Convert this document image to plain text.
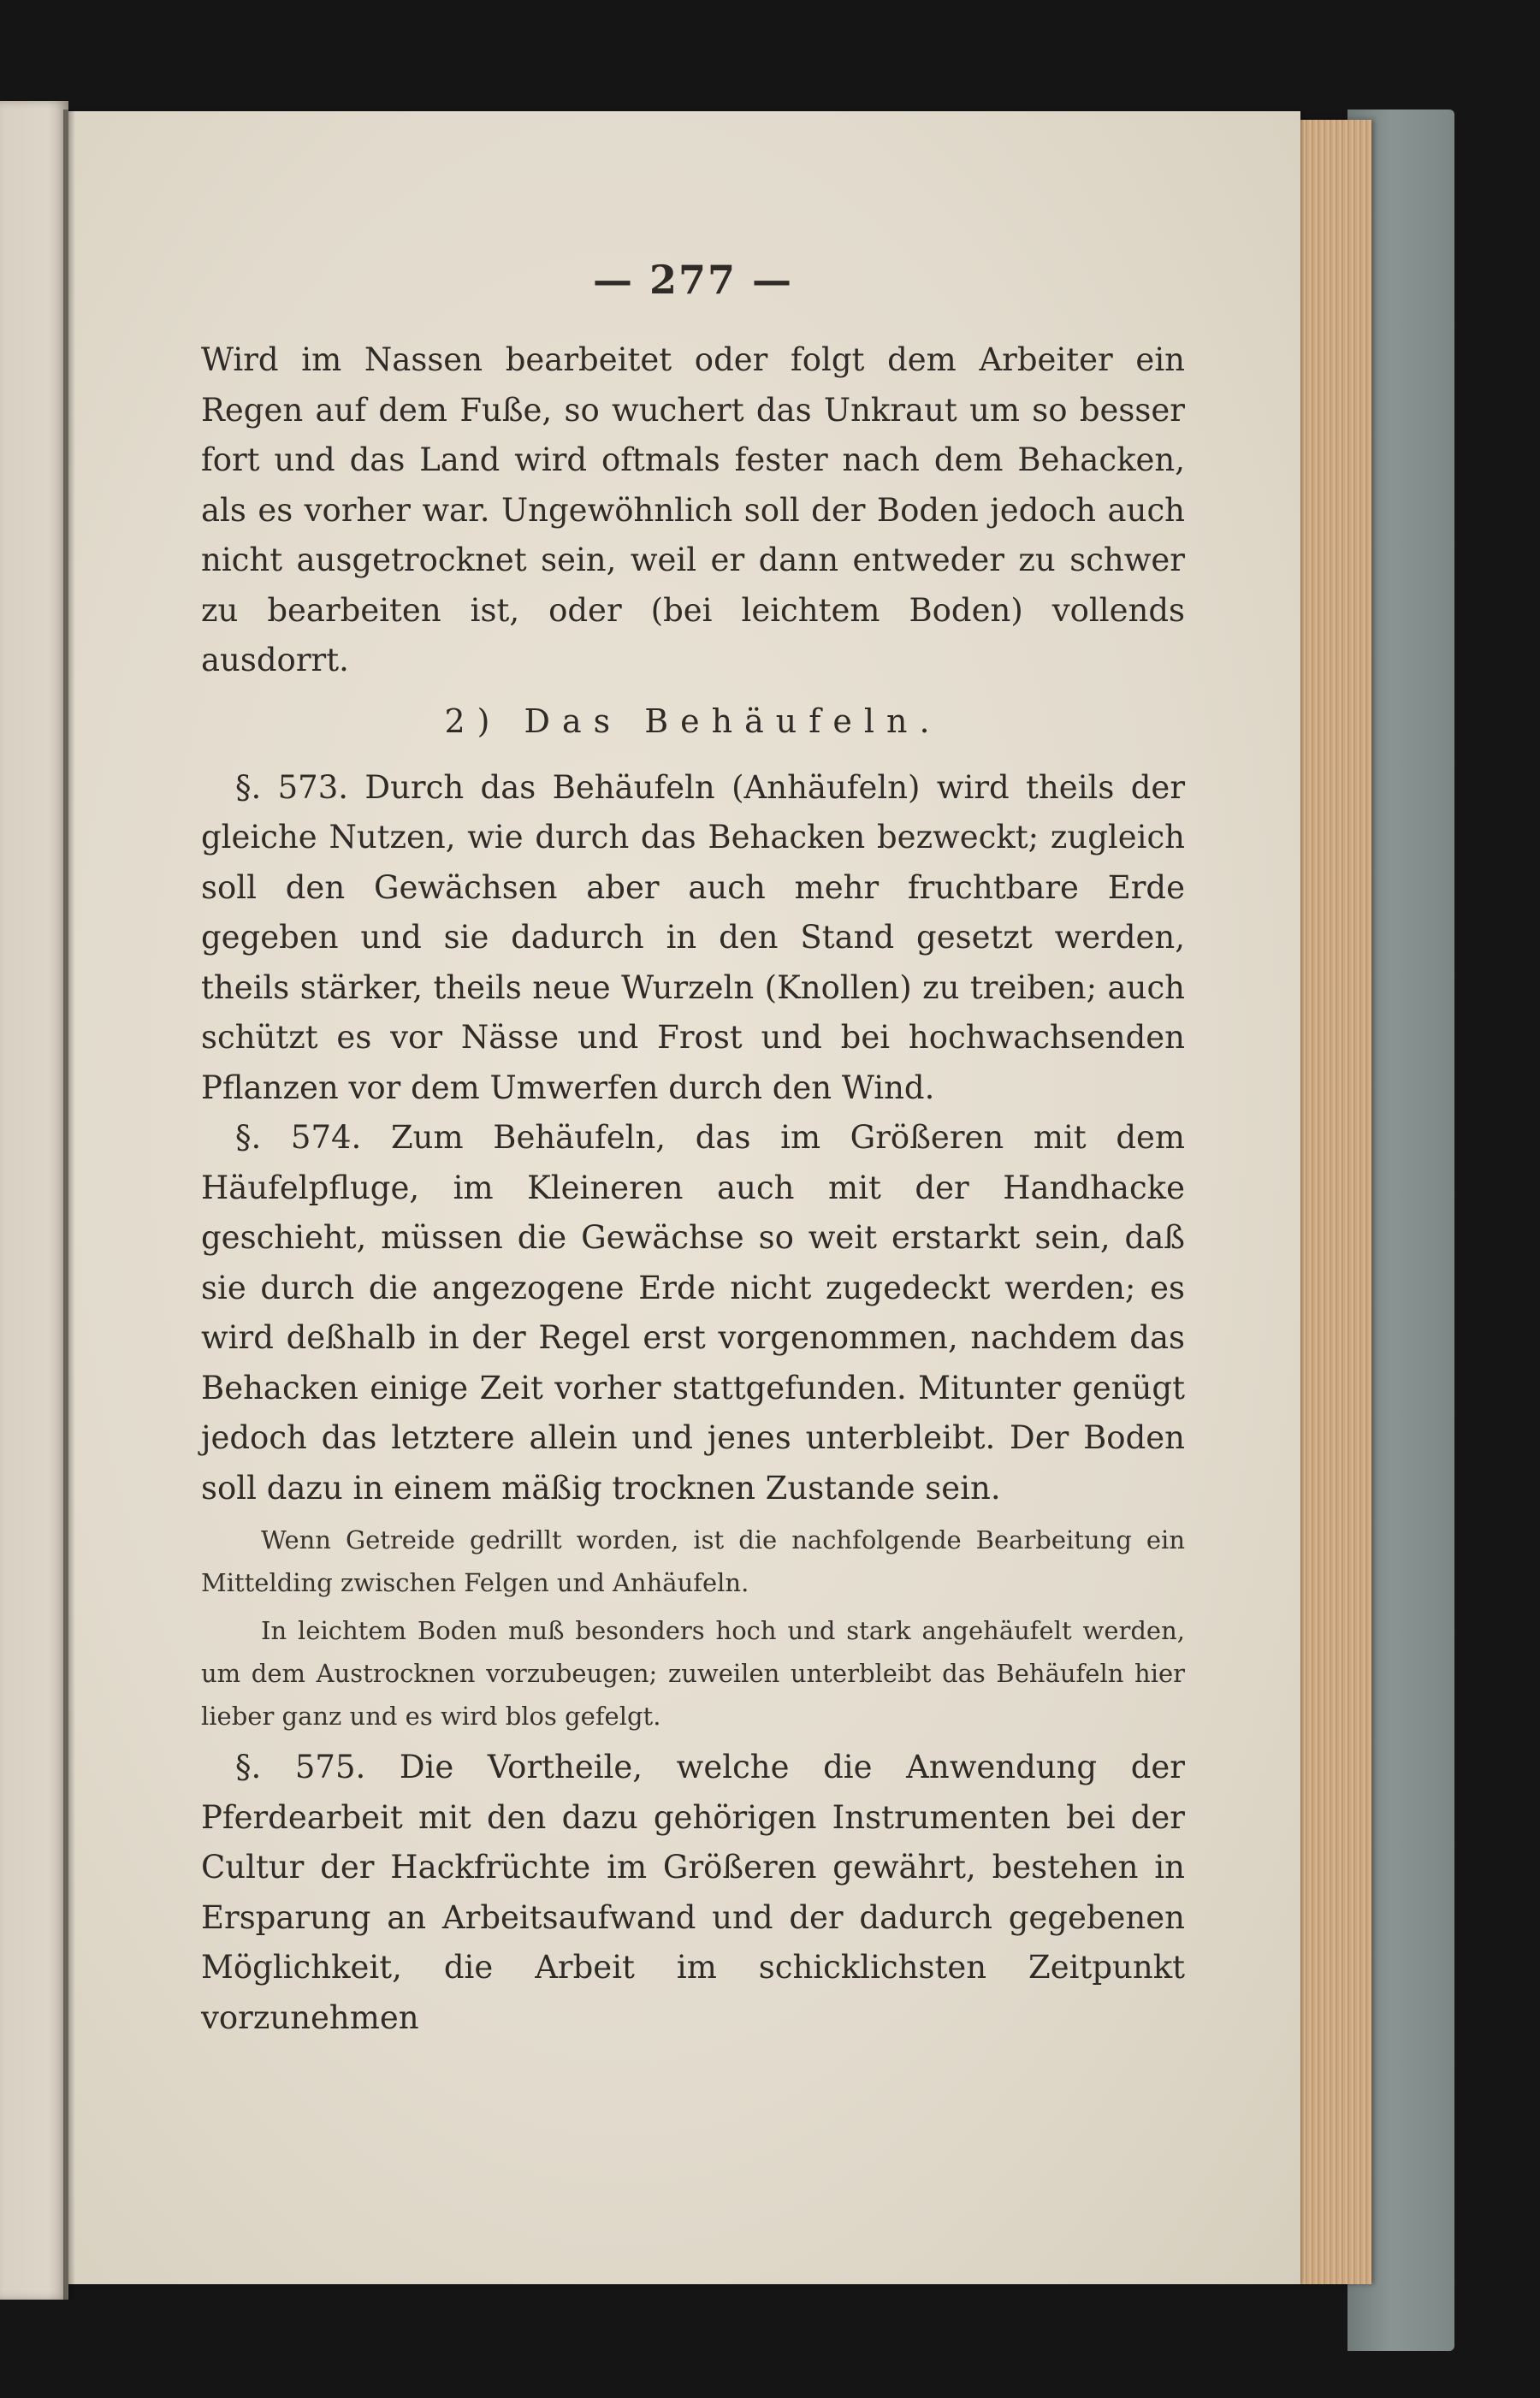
— 277 —

Wird im Nassen bearbeitet oder folgt dem Arbeiter ein Regen auf dem Fuße, so wuchert das Unkraut um so besser fort und das Land wird oftmals fester nach dem Behacken, als es vorher war. Ungewöhnlich soll der Boden jedoch auch nicht ausgetrocknet sein, weil er dann entweder zu schwer zu bearbeiten ist, oder (bei leichtem Boden) vollends ausdorrt.

2) Das Behäufeln.

§. 573. Durch das Behäufeln (Anhäufeln) wird theils der gleiche Nutzen, wie durch das Behacken bezweckt; zugleich soll den Gewächsen aber auch mehr fruchtbare Erde gegeben und sie dadurch in den Stand gesetzt werden, theils stärker, theils neue Wurzeln (Knollen) zu treiben; auch schützt es vor Nässe und Frost und bei hochwachsenden Pflanzen vor dem Umwerfen durch den Wind.

§. 574. Zum Behäufeln, das im Größeren mit dem Häufelpfluge, im Kleineren auch mit der Handhacke geschieht, müssen die Gewächse so weit erstarkt sein, daß sie durch die angezogene Erde nicht zugedeckt werden; es wird deßhalb in der Regel erst vorgenommen, nachdem das Behacken einige Zeit vorher stattgefunden. Mitunter genügt jedoch das letztere allein und jenes unterbleibt. Der Boden soll dazu in einem mäßig trocknen Zustande sein.

Wenn Getreide gedrillt worden, ist die nachfolgende Bearbeitung ein Mittelding zwischen Felgen und Anhäufeln.

In leichtem Boden muß besonders hoch und stark angehäufelt werden, um dem Austrocknen vorzubeugen; zuweilen unterbleibt das Behäufeln hier lieber ganz und es wird blos gefelgt.

§. 575. Die Vortheile, welche die Anwendung der Pferdearbeit mit den dazu gehörigen Instrumenten bei der Cultur der Hackfrüchte im Größeren gewährt, bestehen in Ersparung an Arbeitsaufwand und der dadurch gegebenen Möglichkeit, die Arbeit im schicklichsten Zeitpunkt vorzunehmen
